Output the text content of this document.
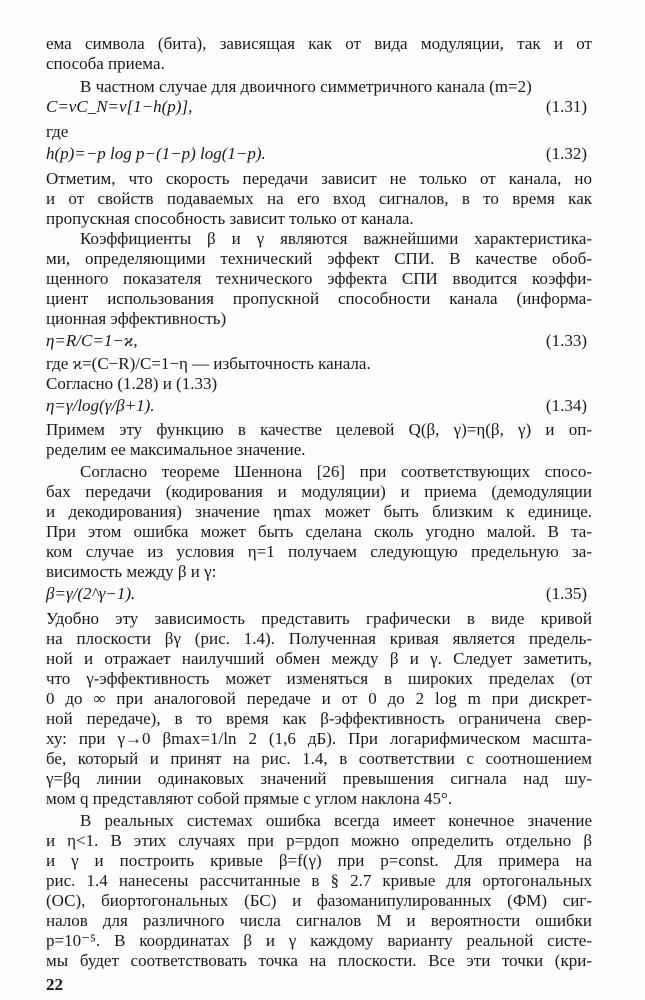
ема символа (бита), зависящая как от вида модуляции, так и от
способа приема.
В частном случае для двоичного симметричного канала (m=2)
C=vC_N=v[1−h(p)],	(1.31)
где
h(p)=−p log p−(1−p) log(1−p).	(1.32)
Отметим, что скорость передачи зависит не только от канала, но
и от свойств подаваемых на его вход сигналов, в то время как
пропускная способность зависит только от канала.
Коэффициенты β и γ являются важнейшими характеристика-
ми, определяющими технический эффект СПИ. В качестве обоб-
щенного показателя технического эффекта СПИ вводится коэффи-
циент использования пропускной способности канала (информа-
ционная эффективность)
η=R/C=1−ϰ,	(1.33)
где ϰ=(C−R)/C=1−η — избыточность канала.
Согласно (1.28) и (1.33)
η=γ/log(γ/β+1).	(1.34)
Примем эту функцию в качестве целевой Q(β, γ)=η(β, γ) и оп-
ределим ее максимальное значение.
Согласно теореме Шеннона [26] при соответствующих спосо-
бах передачи (кодирования и модуляции) и приема (демодуляции
и декодирования) значение ηmax может быть близким к единице.
При этом ошибка может быть сделана сколь угодно малой. В та-
ком случае из условия η=1 получаем следующую предельную за-
висимость между β и γ:
β=γ/(2^γ−1).	(1.35)
Удобно эту зависимость представить графически в виде кривой
на плоскости βγ (рис. 1.4). Полученная кривая является предель-
ной и отражает наилучший обмен между β и γ. Следует заметить,
что γ-эффективность может изменяться в широких пределах (от
0 до ∞ при аналоговой передаче и от 0 до 2 log m при дискрет-
ной передаче), в то время как β-эффективность ограничена свер-
ху: при γ→0 βmax=1/ln 2 (1,6 дБ). При логарифмическом масшта-
бе, который и принят на рис. 1.4, в соответствии с соотношением
γ=βq линии одинаковых значений превышения сигнала над шу-
мом q представляют собой прямые с углом наклона 45°.
В реальных системах ошибка всегда имеет конечное значение
и η<1. В этих случаях при p=pдоп можно определить отдельно β
и γ и построить кривые β=f(γ) при p=const. Для примера на
рис. 1.4 нанесены рассчитанные в § 2.7 кривые для ортогональных
(ОС), биортогональных (БС) и фазоманипулированных (ФМ) сиг-
налов для различного числа сигналов M и вероятности ошибки
p=10⁻⁵. В координатах β и γ каждому варианту реальной систе-
мы будет соответствовать точка на плоскости. Все эти точки (кри-
22
